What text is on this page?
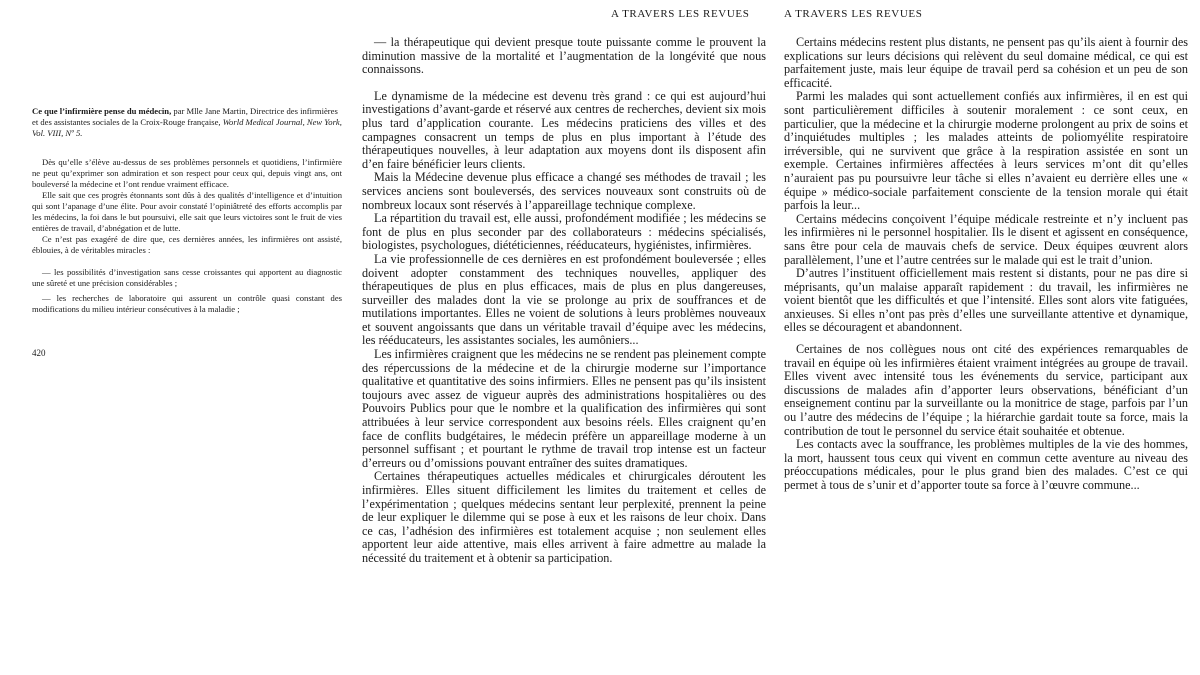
A TRAVERS LES REVUES	A TRAVERS LES REVUES
Ce que l’infirmière pense du médecin, par Mlle Jane Martin, Directrice des infirmières et des assistantes sociales de la Croix-Rouge française, World Medical Journal, New York, Vol. VIII, Nº 5.

Dès qu’elle s’élève au-dessus de ses problèmes personnels et quotidiens, l’infirmière ne peut qu’exprimer son admiration et son respect pour ceux qui, depuis vingt ans, ont bouleversé la médecine et l’ont rendue vraiment efficace.

Elle sait que ces progrès étonnants sont dûs à des qualités d’intelligence et d’intuition qui sont l’apanage d’une élite. Pour avoir constaté l’opiniâtreté des efforts accomplis par les médecins, la foi dans le but poursuivi, elle sait que leurs victoires sont le fruit de vies entières de travail, d’abnégation et de lutte.

Ce n’est pas exagéré de dire que, ces dernières années, les infirmières ont assisté, éblouies, à de véritables miracles :

— les possibilités d’investigation sans cesse croissantes qui apportent au diagnostic une sûreté et une précision considérables ;

— les recherches de laboratoire qui assurent un contrôle quasi constant des modifications du milieu intérieur consécutives à la maladie ;

420

— la thérapeutique qui devient presque toute puissante comme le prouvent la diminution massive de la mortalité et l’augmentation de la longévité que nous connaissons.

Le dynamisme de la médecine est devenu très grand : ce qui est aujourd’hui investigations d’avant-garde et réservé aux centres de recherches, devient six mois plus tard d’application courante. Les médecins praticiens des villes et des campagnes consacrent un temps de plus en plus important à l’étude des thérapeutiques nouvelles, à leur adaptation aux moyens dont ils disposent afin d’en faire bénéficier leurs clients.

Mais la Médecine devenue plus efficace a changé ses méthodes de travail ; les services anciens sont bouleversés, des services nouveaux sont construits où de nombreux locaux sont réservés à l’appareillage technique complexe.

La répartition du travail est, elle aussi, profondément modifiée ; les médecins se font de plus en plus seconder par des collaborateurs : médecins spécialisés, biologistes, psychologues, diététiciennes, rééducateurs, hygiénistes, infirmières.

La vie professionnelle de ces dernières en est profondément bouleversée ; elles doivent adopter constamment des techniques nouvelles, appliquer des thérapeutiques de plus en plus efficaces, mais de plus en plus dangereuses, surveiller des malades dont la vie se prolonge au prix de souffrances et de mutilations importantes. Elles ne voient de solutions à leurs problèmes nouveaux et souvent angoissants que dans un véritable travail d’équipe avec les médecins, les rééducateurs, les assistantes sociales, les aumôniers...

Les infirmières craignent que les médecins ne se rendent pas pleinement compte des répercussions de la médecine et de la chirurgie moderne sur l’importance qualitative et quantitative des soins infirmiers. Elles ne pensent pas qu’ils insistent toujours avec assez de vigueur auprès des administrations hospitalières ou des Pouvoirs Publics pour que le nombre et la qualification des infirmières qui sont attribuées à leur service correspondent aux besoins réels. Elles craignent qu’en face de conflits budgétaires, le médecin préfère un appareillage moderne à un personnel suffisant ; et pourtant le rythme de travail trop intense est un facteur d’erreurs ou d’omissions pouvant entraîner des suites dramatiques.

Certaines thérapeutiques actuelles médicales et chirurgicales déroutent les infirmières. Elles situent difficilement les limites du traitement et celles de l’expérimentation ; quelques médecins sentant leur perplexité, prennent la peine de leur expliquer le dilemme qui se pose à eux et les raisons de leur choix. Dans ce cas, l’adhésion des infirmières est totalement acquise ; non seulement elles apportent leur aide attentive, mais elles arrivent à faire admettre au malade la nécessité du traitement et à obtenir sa participation.

Certains médecins restent plus distants, ne pensent pas qu’ils aient à fournir des explications sur leurs décisions qui relèvent du seul domaine médical, ce qui est parfaitement juste, mais leur équipe de travail perd sa cohésion et un peu de son efficacité.

Parmi les malades qui sont actuellement confiés aux infirmières, il en est qui sont particulièrement difficiles à soutenir moralement : ce sont ceux, en particulier, que la médecine et la chirurgie moderne prolongent au prix de soins et d’inquiétudes multiples ; les malades atteints de poliomyélite respiratoire irréversible, qui ne survivent que grâce à la respiration assistée en sont un exemple. Certaines infirmières affectées à leurs services m’ont dit qu’elles n’auraient pas pu poursuivre leur tâche si elles n’avaient eu derrière elles une « équipe » médico-sociale parfaitement consciente de la tension morale qui était parfois la leur...

Certains médecins conçoivent l’équipe médicale restreinte et n’y incluent pas les infirmières ni le personnel hospitalier. Ils le disent et agissent en conséquence, sans être pour cela de mauvais chefs de service. Deux équipes œuvrent alors parallèlement, l’une et l’autre centrées sur le malade qui est le trait d’union.

D’autres l’instituent officiellement mais restent si distants, pour ne pas dire si méprisants, qu’un malaise apparaît rapidement : du travail, les infirmières ne voient bientôt que les difficultés et que l’intensité. Elles sont alors vite fatiguées, anxieuses. Si elles n’ont pas près d’elles une surveillante attentive et dynamique, elles se découragent et abandonnent.

Certaines de nos collègues nous ont cité des expériences remarquables de travail en équipe où les infirmières étaient vraiment intégrées au groupe de travail. Elles vivent avec intensité tous les événements du service, participant aux discussions de malades afin d’apporter leurs observations, bénéficiant d’un enseignement continu par la surveillante ou la monitrice de stage, parfois par l’un ou l’autre des médecins de l’équipe ; la hiérarchie gardait toute sa force, mais la contribution de tout le personnel du service était souhaitée et obtenue.

Les contacts avec la souffrance, les problèmes multiples de la vie des hommes, la mort, haussent tous ceux qui vivent en commun cette aventure au niveau des préoccupations médicales, pour le plus grand bien des malades. C’est ce qui permet à tous de s’unir et d’apporter toute sa force à l’œuvre commune...
